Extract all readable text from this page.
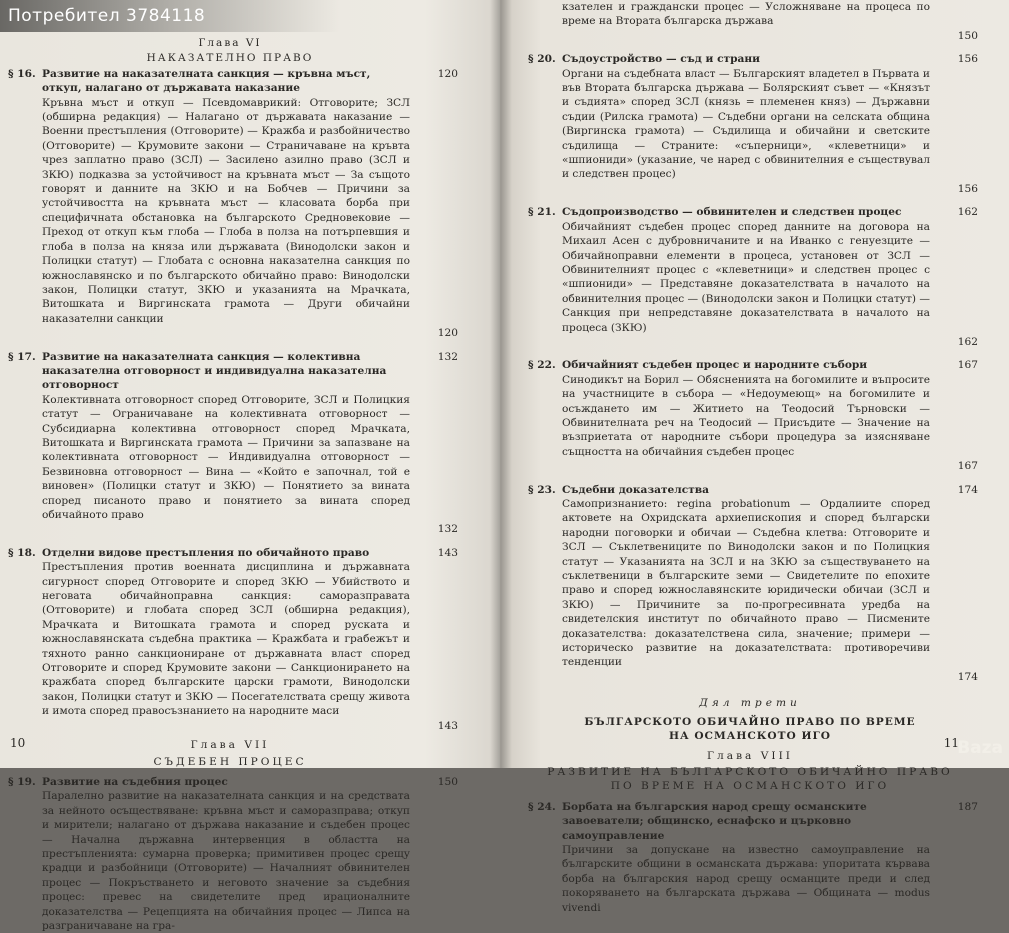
Глава VI
НАКАЗАТЕЛНО ПРАВО
§ 16.	120
Развитие на наказателната санкция — кръвна мъст, откуп, налагано от държавата наказание
Кръвна мъст и откуп — Псевдомаврикий: Отговорите; ЗСЛ (обширна редакция) — Налагано от държавата наказание — Военни престъпления (Отговорите) — Кражба и разбойничество (Отговорите) — Крумовите закони — Страничаване на кръвта чрез заплатно право (ЗСЛ) — Засилено азилно право (ЗСЛ и ЗКЮ) подказва за устойчивост на кръвната мъст — За същото говорят и данните на ЗКЮ и на Бобчев — Причини за устойчивостта на кръвната мъст — класовата борба при специфичната обстановка на българското Средновековие — Преход от откуп към глоба — Глоба в полза на потърпевшия и глоба в полза на княза или държавата (Винодолски закон и Полицки статут) — Глобата с основна наказателна санкция по южнославянско и по българското обичайно право: Винодолски закон, Полицки статут, ЗКЮ и указанията на Мрачката, Витошката и Виргинската грамота — Други обичайни наказателни санкции
120
§ 17.	132
Развитие на наказателната санкция — колективна наказателна отговорност и индивидуална наказателна отговорност
Колективната отговорност според Отговорите, ЗСЛ и Полицкия статут — Ограничаване на колективната отговорност — Субсидиарна колективна отговорност според Мрачката, Витошката и Виргинската грамота — Причини за запазване на колективната отговорност — Индивидуална отговорност — Безвиновна отговорност — Вина — «Който е започнал, той е виновен» (Полицки статут и ЗКЮ) — Понятието за вината според писаното право и понятието за вината според обичайното право
132
§ 18.	143
Отделни видове престъпления по обичайното право
Престъпления против военната дисциплина и държавната сигурност според Отговорите и според ЗКЮ — Убийството и неговата обичайноправна санкция: саморазправата (Отговорите) и глобата според ЗСЛ (обширна редакция), Мрачката и Витошката грамота и според руската и южнославянската съдебна практика — Кражбата и грабежът и тяхното ранно санкциониране от държавната власт според Отговорите и според Крумовите закони — Санкционирането на кражбата според българските царски грамоти, Винодолски закон, Полицки статут и ЗКЮ — Посегателствата срещу живота и имота според правосъзнанието на народните маси
143
Глава VII
СЪДЕБЕН ПРОЦЕС
§ 19.	150
Развитие на съдебния процес
Паралелно развитие на наказателната санкция и на средствата за нейното осъществяване: кръвна мъст и саморазправа; откуп и мирители; налагано от държава наказание и съдебен процес — Начална държавна интервенция в областта на престъпленията: сумарна проверка; примитивен процес срещу крадци и разбойници (Отговорите) — Началният обвинителен процес — Покръстването и неговото значение за съдебния процес: превес на свидетелите пред ирационалните доказателства — Рецепцията на обичайния процес — Липса на разграничаване на гра-
10
кзателен и граждански процес — Усложняване на процеса по време на Втората българска държава
150
§ 20.	156
Съдоустройство — съд и страни
Органи на съдебната власт — Българският владетел в Първата и във Втората българска държава — Болярският съвет — «Князът и съдията» според ЗСЛ (князь = племенен княз) — Държавни съдии (Рилска грамота) — Съдебни органи на селската община (Виргинска грамота) — Съдилища и обичайни и светските съдилища — Страните: «съперници», «клеветници» и «шпиониди» (указание, че наред с обвинителния е съществувал и следствен процес)
156
§ 21.	162
Съдопроизводство — обвинителен и следствен процес
Обичайният съдебен процес според данните на договора на Михаил Асен с дубровничаните и на Иванко с генуезците — Обичайноправни елементи в процеса, установен от ЗСЛ — Обвинителният процес с «клеветници» и следствен процес с «шпиониди» — Представяне доказателствата в началото на обвинителния процес — (Винодолски закон и Полицки статут) — Санкция при непредставяне доказателствата в началото на процеса (ЗКЮ)
162
§ 22.	167
Обичайният съдебен процес и народните събори
Синодикът на Борил — Обясненията на богомилите и въпросите на участниците в събора — «Недоумеющ» на богомилите и осъждането им — Житието на Теодосий Търновски — Обвинителната реч на Теодосий — Присъдите — Значение на възприетата от народните събори процедура за изясняване същността на обичайния съдебен процес
167
§ 23.	174
Съдебни доказателства
Самопризнанието: regina probationum — Ордалиите според актовете на Охридската архиепископия и според български народни поговорки и обичаи — Съдебна клетва: Отговорите и ЗСЛ — Съклетвениците по Винодолски закон и по Полицкия статут — Указанията на ЗСЛ и на ЗКЮ за съществуването на съклетвеници в българските земи — Свидетелите по епохите право и според южнославянските юридически обичаи (ЗСЛ и ЗКЮ) — Причините за по-прогресивната уредба на свидетелския институт по обичайното право — Писмените доказателства: доказателствена сила, значение; примери — историческо развитие на доказателствата: противоречиви тенденции
174
Дял трети
БЪЛГАРСКОТО ОБИЧАЙНО ПРАВО ПО ВРЕМЕ
НА ОСМАНСКОТО ИГО
Глава VIII
РАЗВИТИЕ НА БЪЛГАРСКОТО ОБИЧАЙНО ПРАВО
ПО ВРЕМЕ НА ОСМАНСКОТО ИГО
§ 24.	187
Борбата на българския народ срещу османските завоеватели; общинско, еснафско и църковно самоуправление
Причини за допускане на известно самоуправление на българските общини в османската държава: упоритата кървава борба на българския народ срещу османците преди и след покоряването на българската държава — Общината — modus vivendi
11
Baza
Потребител 3784118
